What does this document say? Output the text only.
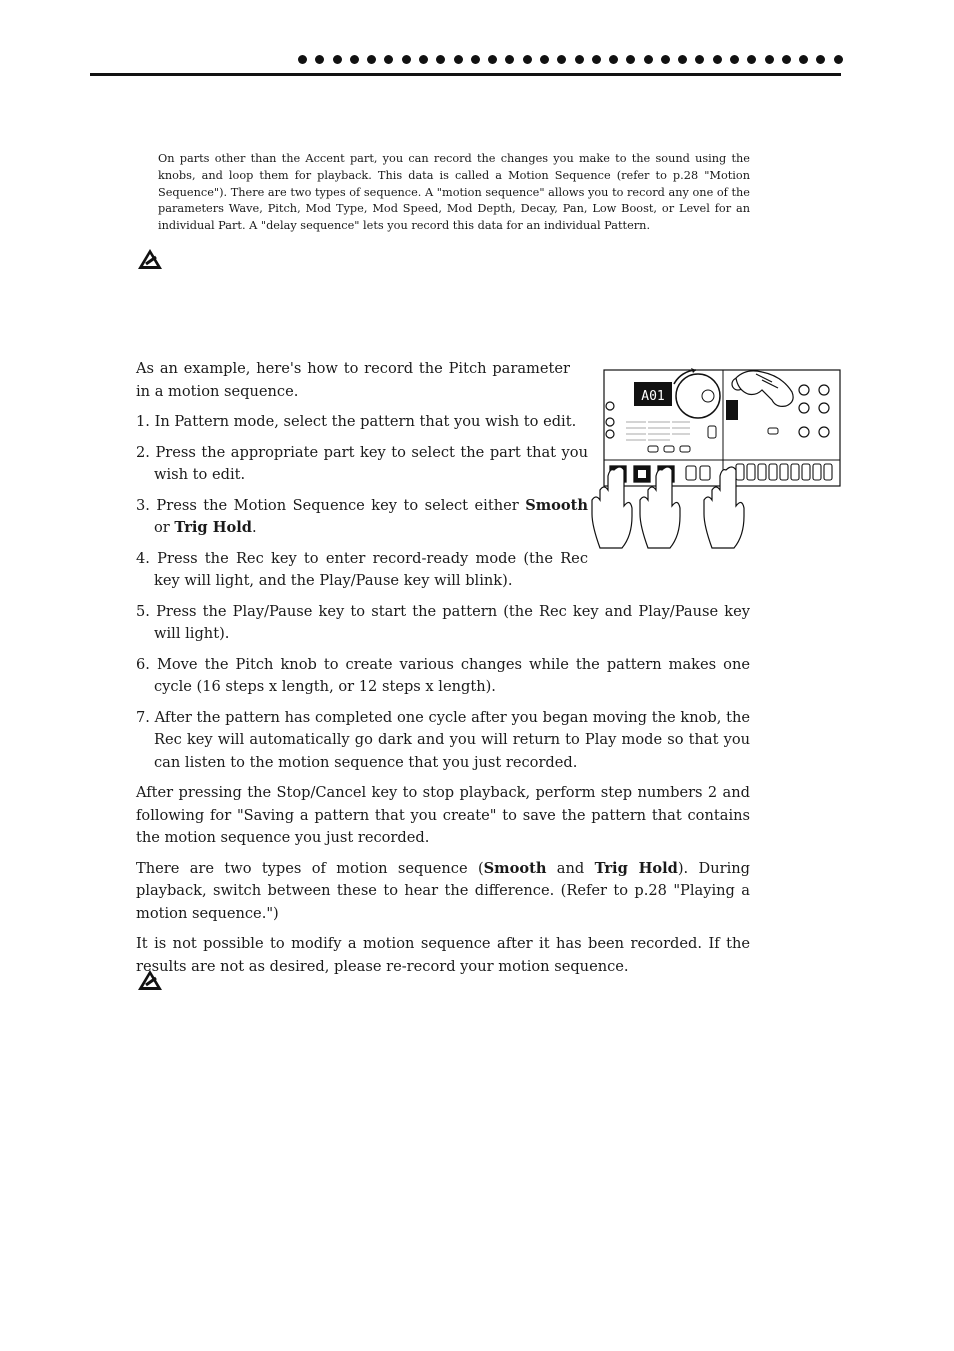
On parts other than the Accent part, you can record the changes you make to the sound using the knobs, and loop them for playback. This data is called a Motion Sequence (refer to p.28 "Motion Sequence"). There are two types of sequence. A "motion sequence" allows you to record any one of the parameters Wave, Pitch, Mod Type, Mod Speed, Mod Depth, Decay, Pan, Low Boost, or Level for an individual Part. A "delay sequence" lets you record this data for an individual Pattern.

As an example, here's how to record the Pitch parameter in a motion sequence.

1. In Pattern mode, select the pattern that you wish to edit.

2. Press the appropriate part key to select the part that you wish to edit.

3. Press the Motion Sequence key to select either Smooth or Trig Hold.

4. Press the Rec key to enter record-ready mode (the Rec key will light, and the Play/Pause key will blink).

5. Press the Play/Pause key to start the pattern (the Rec key and Play/Pause key will light).

6. Move the Pitch knob to create various changes while the pattern makes one cycle (16 steps x length, or 12 steps x length).

7. After the pattern has completed one cycle after you began moving the knob, the Rec key will automatically go dark and you will return to Play mode so that you can listen to the motion sequence that you just recorded.

After pressing the Stop/Cancel key to stop playback, perform step numbers 2 and following for "Saving a pattern that you create" to save the pattern that contains the motion sequence you just recorded.

There are two types of motion sequence (Smooth and Trig Hold). During playback, switch between these to hear the difference. (Refer to p.28 "Playing a motion sequence.")

It is not possible to modify a motion sequence after it has been recorded. If the results are not as desired, please re-record your motion sequence.

A01
